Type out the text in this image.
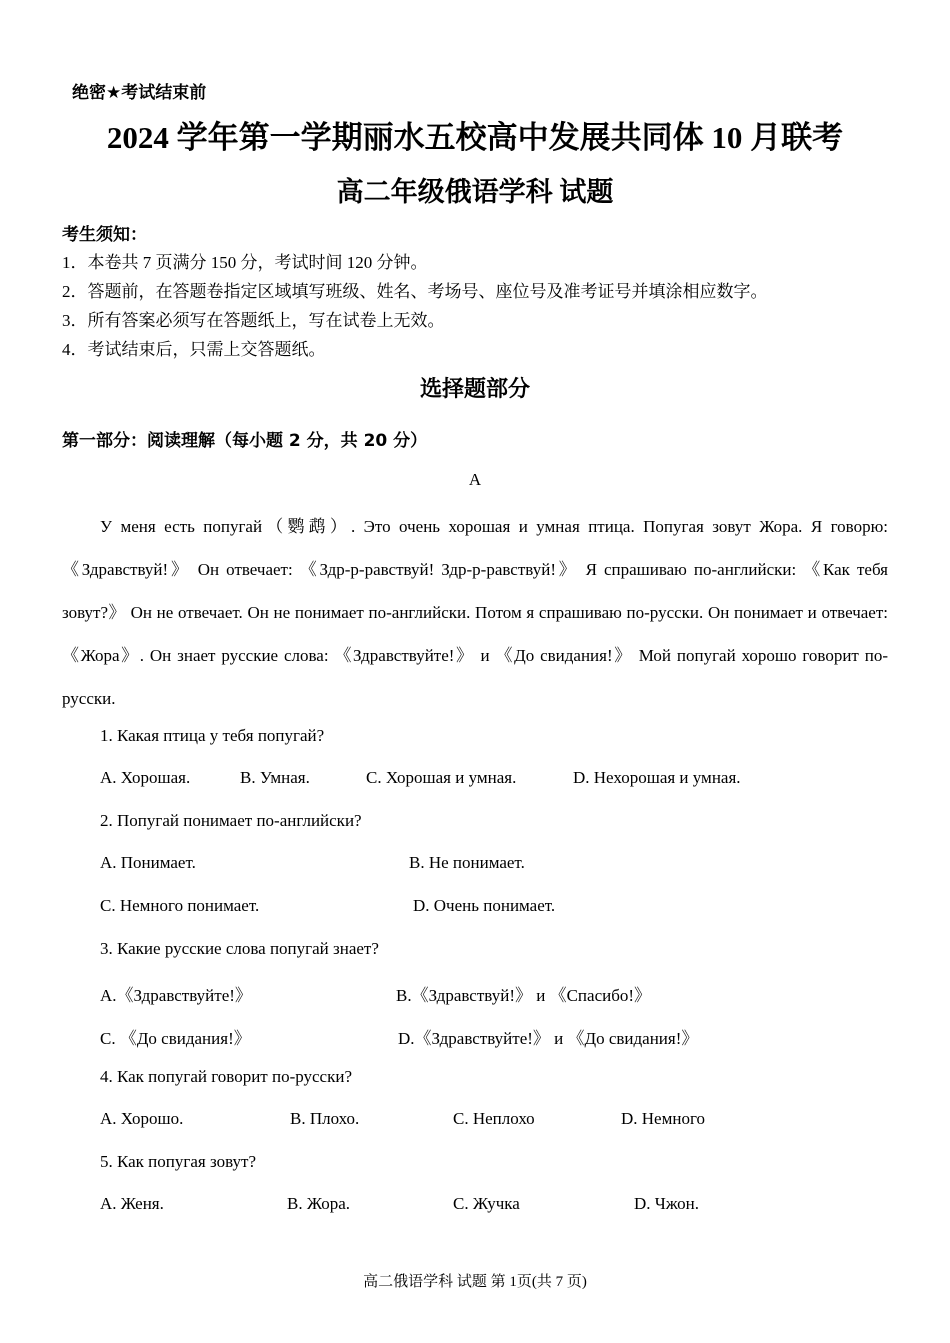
绝密★考试结束前
2024 学年第一学期丽水五校高中发展共同体 10 月联考
高二年级俄语学科 试题
考生须知：
1．本卷共 7 页满分 150 分，考试时间 120 分钟。
2．答题前，在答题卷指定区域填写班级、姓名、考场号、座位号及准考证号并填涂相应数字。
3．所有答案必须写在答题纸上，写在试卷上无效。
4．考试结束后，只需上交答题纸。
选择题部分
第一部分：阅读理解（每小题 2 分，共 20 分）
A
У меня есть попугай（鹦鹉）. Это очень хорошая и умная птица. Попугая зовут Жора. Я говорю: 《Здравствуй!》 Он отвечает: 《Здр-р-равствуй! Здр-р-равствуй!》 Я спрашиваю по-английски: 《Как тебя зовут?》 Он не отвечает. Он не понимает по-английски. Потом я спрашиваю по-русски. Он понимает и отвечает: 《Жора》. Он знает русские слова: 《Здравствуйте!》 и 《До свидания!》 Мой попугай хорошо говорит по-русски.
1. Какая птица у тебя попугай?
A. Хорошая.	B. Умная.	C. Хорошая и умная.	D. Нехорошая и умная.
2. Попугай понимает по-английски?
A. Понимает.	B. Не понимает.
C. Немного понимает.	D. Очень понимает.
3. Какие русские слова попугай знает?
A.《Здравствуйте!》	B.《Здравствуй!》 и 《Спасибо!》
C. 《До свидания!》	D.《Здравствуйте!》 и 《До свидания!》
4. Как попугай говорит по-русски?
A. Хорошо.	B. Плохо.	C. Неплохо	D. Немного
5. Как попугая зовут?
A. Женя.	B. Жора.	C. Жучка	D. Чжон.
高二俄语学科 试题 第 1页(共 7 页)
